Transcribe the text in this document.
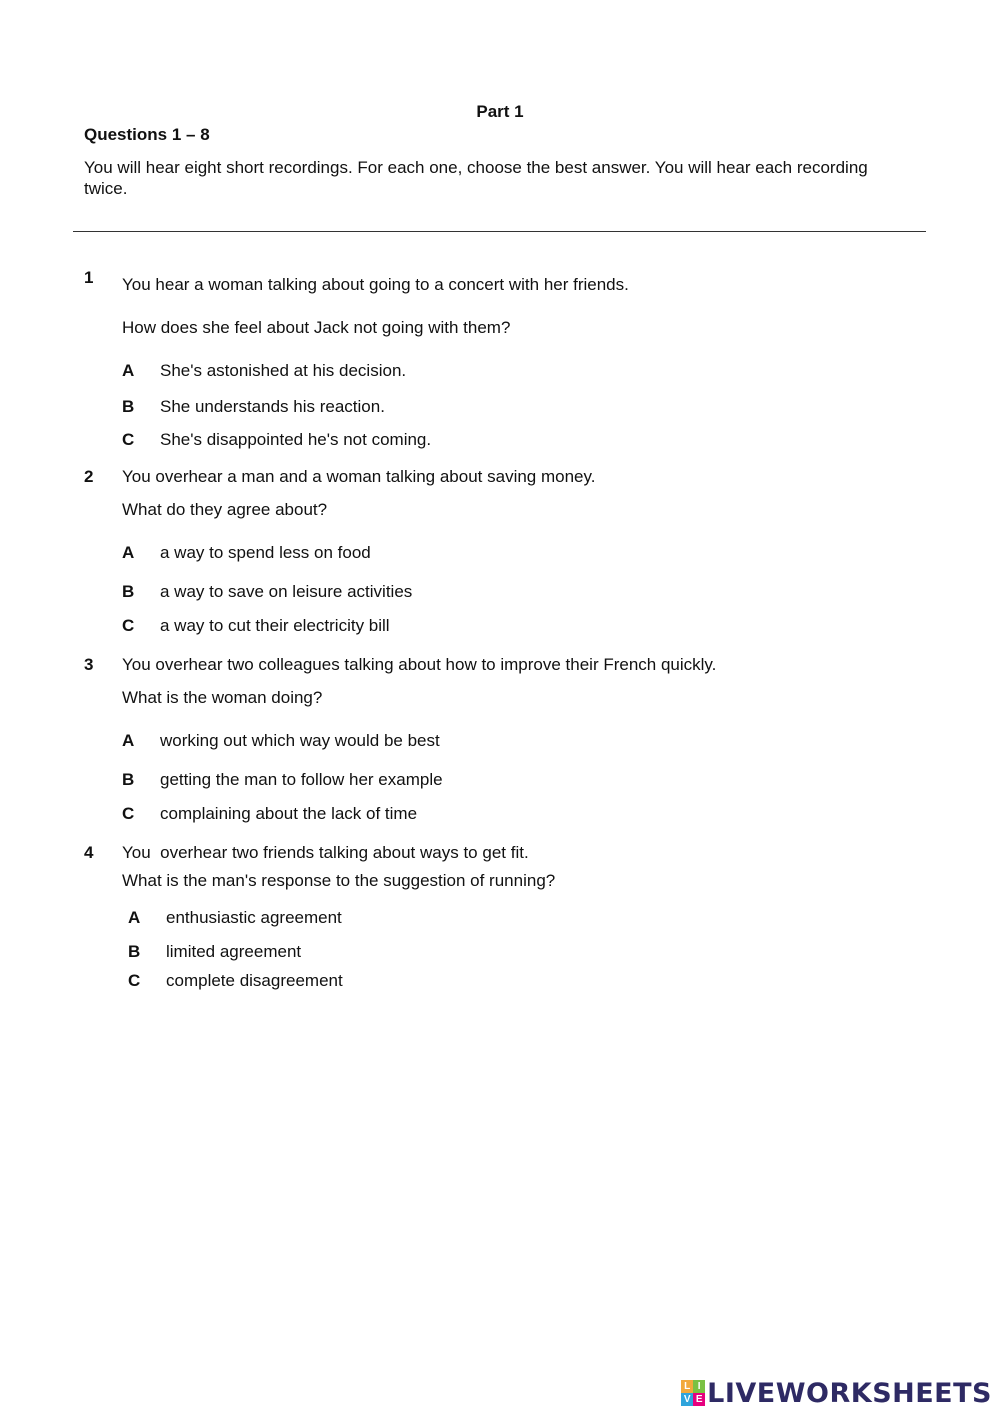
Part 1
Questions 1 – 8
You will hear eight short recordings. For each one, choose the best answer. You will hear each recording twice.
1 You hear a woman talking about going to a concert with her friends.
How does she feel about Jack not going with them?
A She's astonished at his decision.
B She understands his reaction.
C She's disappointed he's not coming.
2 You overhear a man and a woman talking about saving money.
What do they agree about?
A a way to spend less on food
B a way to save on leisure activities
C a way to cut their electricity bill
3 You overhear two colleagues talking about how to improve their French quickly.
What is the woman doing?
A working out which way would be best
B getting the man to follow her example
C complaining about the lack of time
4 You  overhear two friends talking about ways to get fit.
What is the man's response to the suggestion of running?
A enthusiastic agreement
B limited agreement
C complete disagreement
L I
V E LIVEWORKSHEETS
